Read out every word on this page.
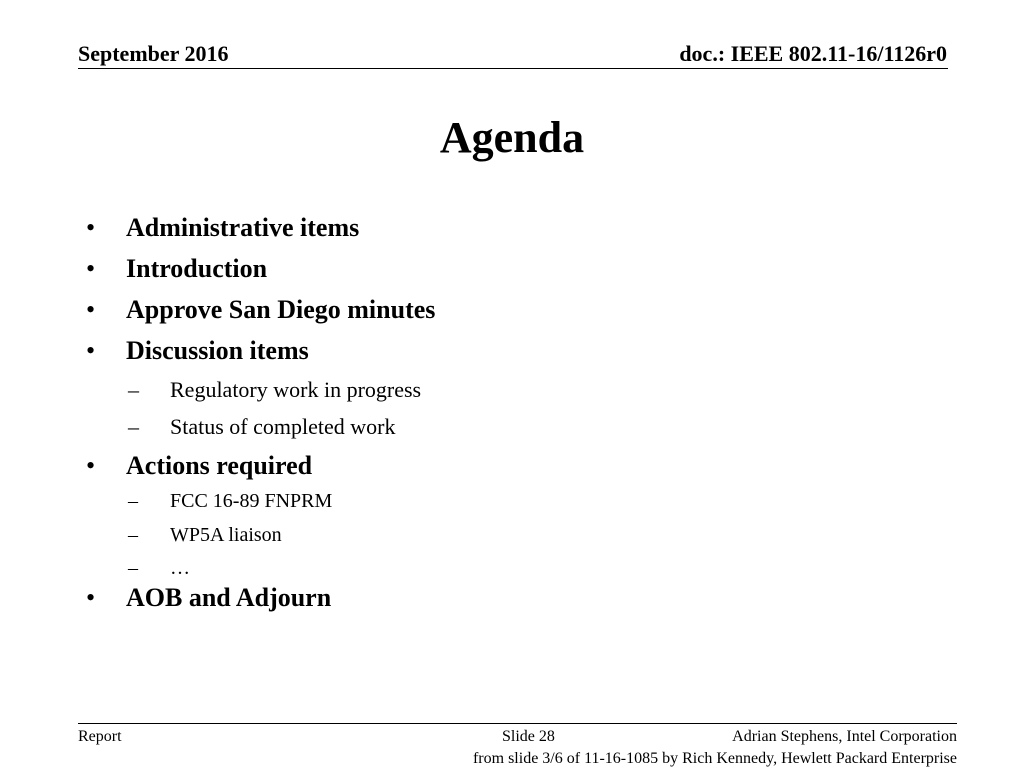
September 2016	doc.: IEEE 802.11-16/1126r0
Agenda
• Administrative items
• Introduction
• Approve San Diego minutes
• Discussion items
– Regulatory work in progress
– Status of completed work
• Actions required
– FCC 16-89 FNPRM
– WP5A liaison
– …
• AOB and Adjourn
Report	Slide 28	Adrian Stephens, Intel Corporation
from slide 3/6 of 11-16-1085 by Rich Kennedy, Hewlett Packard Enterprise
